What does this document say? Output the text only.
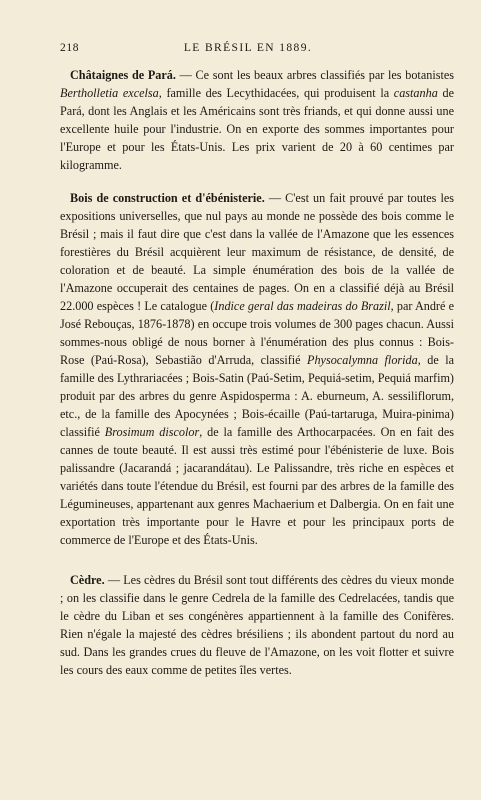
218	LE BRÉSIL EN 1889.

Châtaignes de Pará. — Ce sont les beaux arbres classifiés par les botanistes Bertholletia excelsa, famille des Lecythidacées, qui produisent la castanha de Pará, dont les Anglais et les Américains sont très friands, et qui donne aussi une excellente huile pour l'industrie. On en exporte des sommes importantes pour l'Europe et pour les États-Unis. Les prix varient de 20 à 60 centimes par kilogramme.

Bois de construction et d'ébénisterie. — C'est un fait prouvé par toutes les expositions universelles, que nul pays au monde ne possède des bois comme le Brésil ; mais il faut dire que c'est dans la vallée de l'Amazone que les essences forestières du Brésil acquièrent leur maximum de résistance, de densité, de coloration et de beauté. La simple énumération des bois de la vallée de l'Amazone occuperait des centaines de pages. On en a classifié déjà au Brésil 22.000 espèces ! Le catalogue (Indice geral das madeiras do Brazil, par André e José Rebouças, 1876-1878) en occupe trois volumes de 300 pages chacun. Aussi sommes-nous obligé de nous borner à l'énumération des plus connus : Bois-Rose (Paú-Rosa), Sebastião d'Arruda, classifié Physocalymna florida, de la famille des Lythrariacées ; Bois-Satin (Paú-Setim, Pequiá-setim, Pequiá marfim) produit par des arbres du genre Aspidosperma : A. eburneum, A. sessiliflorum, etc., de la famille des Apocynées ; Bois-écaille (Paú-tartaruga, Muira-pinima) classifié Brosimum discolor, de la famille des Arthocarpacées. On en fait des cannes de toute beauté. Il est aussi très estimé pour l'ébénisterie de luxe. Bois palissandre (Jacarandá ; jacarandátau). Le Palissandre, très riche en espèces et variétés dans toute l'étendue du Brésil, est fourni par des arbres de la famille des Légumineuses, appartenant aux genres Machaerium et Dalbergia. On en fait une exportation très importante pour le Havre et pour les principaux ports de commerce de l'Europe et des États-Unis.

Cèdre. — Les cèdres du Brésil sont tout différents des cèdres du vieux monde ; on les classifie dans le genre Cedrela de la famille des Cedrelacées, tandis que le cèdre du Liban et ses congénères appartiennent à la famille des Conifères. Rien n'égale la majesté des cèdres brésiliens ; ils abondent partout du nord au sud. Dans les grandes crues du fleuve de l'Amazone, on les voit flotter et suivre les cours des eaux comme de petites îles vertes.
